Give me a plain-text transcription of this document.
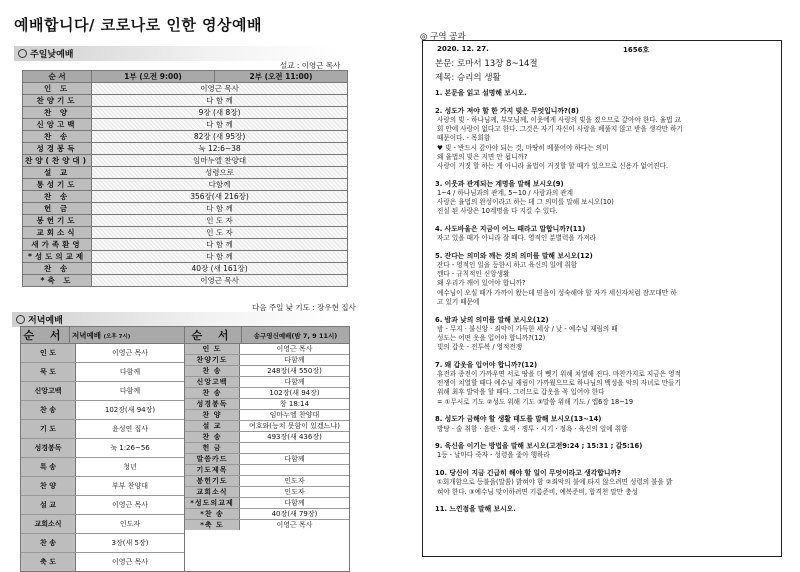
예배합니다/ 코로나로 인한 영상예배
주일낮예배
설교 : 이영근 목사
순 서	1부 (오전 9:00)	2부 (오전 11:00)
인 도	이영근 목사	
찬양기도	다 함 께	
찬 양	9장 (새 8장)	
신앙고백	다 함 께	
찬 송	82장 (새 95장)	
성경봉독	눅 12:6~38	
찬양(찬양대)	임마누엘 찬양대	
설 교	성령으로	
통성기도	다함께	
찬 송	356장(새 216장)	
헌 금	다 함 께	
봉헌기도	인 도 자	
교회소식	인 도 자	
새가족환영	다 함 께	
*성도의교제	다 함 께	
찬 송	40장 (새 161장)	
*축 도	이영근 목사	
다음 주일 낮 기도 : 장우현 집사
저녁예배
순 서	저녁예배 (오후 7시)	순 서	송구영신예배(밤 7, 9 11시)

인 도	이영근 목사
묵 도	다함께
신앙고백	다함께
찬 송	102장(새 94장)
기 도	윤성연 집사
성경봉독	눅 1:26~56
특 송	청년
찬 양	부부 찬양대
설 교	이영근 목사
교회소식	인도자
찬 송	3장(새 5장)
축 도	이영근 목사

인 도	이영근 목사
찬양기도	다함께
찬 송	248장(새 550장)
신앙고백	다함께
찬 송	102장(새 94장)
성경봉독	창 18:14
찬 양	임마누엘 찬양대
설 교	여호와(능치 못함이 있겠느냐)
찬 송	493장(새 436장)
헌 금	
말씀카드	다함께
기도제목	
봉헌기도	인도자
교회소식	인도자
*성도의교제	다함께
*찬 송	40장(새 79장)
*축 도	이영근 목사
◎ 구역 공과
2020. 12. 27.	1656호
본문: 로마서 13장 8~14절
제목: 승리의 생활
1. 본문을 읽고 설명해 보시오.
2. 성도가 져야 할 한 가지 빚은 무엇입니까?(8)
사랑의 빚 - 하나님께, 부모님께, 이웃에게 사랑의 빚을 졌으므로 갚아야 한다. 율법 교
회 안에 사랑이 없다고 한다. 그것은 자기 자신이 사랑을 베풀지 않고 받을 생각만 하기
때문이다. - 목회함
♥ 빚 - 반드시 갚아야 되는 것, 마땅히 베풀어야 하다는 의미
왜 율법의 빚은 지면 안 됩니까?
사랑이 거짓 할 하는 게 아니라 율법이 거짓할 할 때가 있으므로 신용가 없어진다.
3. 이웃과 관계되는 계명을 말해 보시오(9)
1~4 / 하나님과의 관계, 5~10 / 사람과의 관계
사랑은 율법의 완성이라고 하는 데 그 의미를 말해 보시오(10)
진실 된 사랑은 10계명을 다 지킬 수 있다.
4. 사도바울은 지금이 어느 때라고 말합니까?(11)
자고 있을 때가 아니라 잘 때다. 영적인 분별력을 가져라
5. 잔다는 의미와 깨는 것의 의미를 말해 보시오(12)
잔다 - 영적인 일을 등한시 하고 육신의 일에 취함
깬다 - 규칙적인 신앙생활
왜 우리가 깨어 있어야 합니까?
예수님이 오실 때가 가까이 왔는데 믿음이 성숙해야 할 자가 세신자처럼 잠꼬대만 하
고 있기 때문에
6. 밤과 낮의 의미를 말해 보시오(12)
밤 - 무지 · 불신앙 · 죄악이 가득한 세상 / 낮 - 예수님 재림의 때
성도는 어떤 옷을 입어야 합니까?(12)
빛의 갑옷 - 전투복 / 영적전쟁
7. 왜 갑옷을 입어야 합니까?(12)
휴전과 종전이 가까우면 서로 땅을 더 뺏기 위해 치열해 진다. 마찬가지로 지금은 영적
전쟁이 치열할 때다 예수님 재림이 가까웠으므로 하나님의 백성을 악의 자녀로 만들기
위해 최후 발악을 할 때다. 그러므로 갑옷을 꼭 입어야 한다
= ①무시로 기도 ②성도 위해 기도 ③말씀 위해 기도 / 엡6장 18~19
8. 성도가 금해야 할 생활 태도를 말해 보시오(13~14)
방탕 · 술 취함 · 음란 · 호색 · 쟁투 · 시기 · 정욕 · 육신의 일에 취함
9. 육신을 이기는 방법을 말해 보시오(고전9:24 ; 15:31 ; 갈5:16)
1등 - 날마다 죽자 - 성령을 좇아 행하라
10. 당신이 지금 긴급히 해야 할 일이 무엇이라고 생각합니까?
①회개함으로 등불을(말씀) 밝혀야 함 ②죄악의 불에 타지 않으려면 성령의 불을 밝
혀야 한다. ③예수님 맞이하려면 기름준비, 예복준비, 합격천 말만 충성
11. 느낀점을 말해 보시오.
